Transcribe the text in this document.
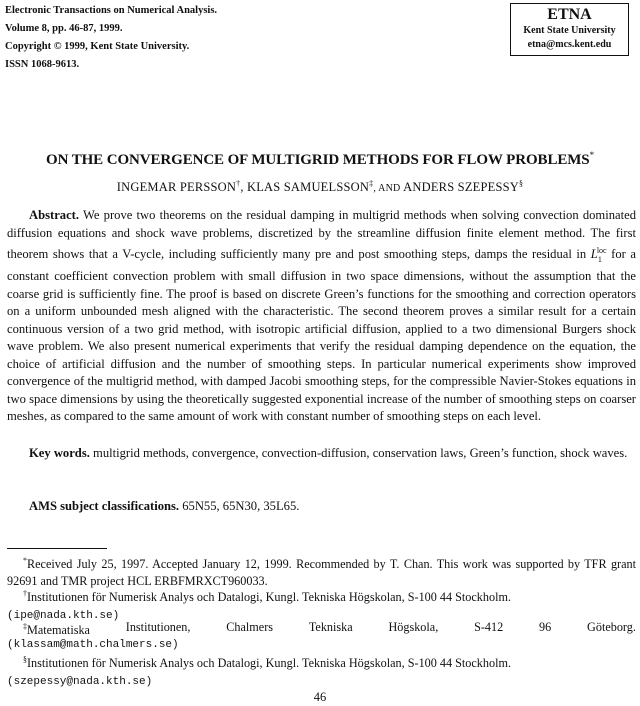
Electronic Transactions on Numerical Analysis.
Volume 8, pp. 46-87, 1999.
Copyright © 1999, Kent State University.
ISSN 1068-9613.
ETNA
Kent State University
etna@mcs.kent.edu
ON THE CONVERGENCE OF MULTIGRID METHODS FOR FLOW PROBLEMS*
INGEMAR PERSSON†, KLAS SAMUELSSON‡, AND ANDERS SZEPESSY§

Abstract. We prove two theorems on the residual damping in multigrid methods when solving convection dominated diffusion equations and shock wave problems, discretized by the streamline diffusion finite element method. The first theorem shows that a V-cycle, including sufficiently many pre and post smoothing steps, damps the residual in $L_1^{loc}$ for a constant coefficient convection problem with small diffusion in two space dimensions, without the assumption that the coarse grid is sufficiently fine. The proof is based on discrete Green’s functions for the smoothing and correction operators on a uniform unbounded mesh aligned with the characteristic. The second theorem proves a similar result for a certain continuous version of a two grid method, with isotropic artificial diffusion, applied to a two dimensional Burgers shock wave problem. We also present numerical experiments that verify the residual damping dependence on the equation, the choice of artificial diffusion and the number of smoothing steps. In particular numerical experiments show improved convergence of the multigrid method, with damped Jacobi smoothing steps, for the compressible Navier-Stokes equations in two space dimensions by using the theoretically suggested exponential increase of the number of smoothing steps on coarser meshes, as compared to the same amount of work with constant number of smoothing steps on each level.

Key words. multigrid methods, convergence, convection-diffusion, conservation laws, Green’s function, shock waves.

AMS subject classifications. 65N55, 65N30, 35L65.

*Received July 25, 1997. Accepted January 12, 1999. Recommended by T. Chan. This work was supported by TFR grant 92691 and TMR project HCL ERBFMRXCT960033.

†Institutionen för Numerisk Analys och Datalogi, Kungl. Tekniska Högskolan, S-100 44 Stockholm.
(ipe@nada.kth.se)

‡Matematiska	Institutionen,	Chalmers	Tekniska	Högskola,	S-412	96	Göteborg.

(klassam@math.chalmers.se)

§Institutionen för Numerisk Analys och Datalogi, Kungl. Tekniska Högskolan, S-100 44 Stockholm.
(szepessy@nada.kth.se)

46
